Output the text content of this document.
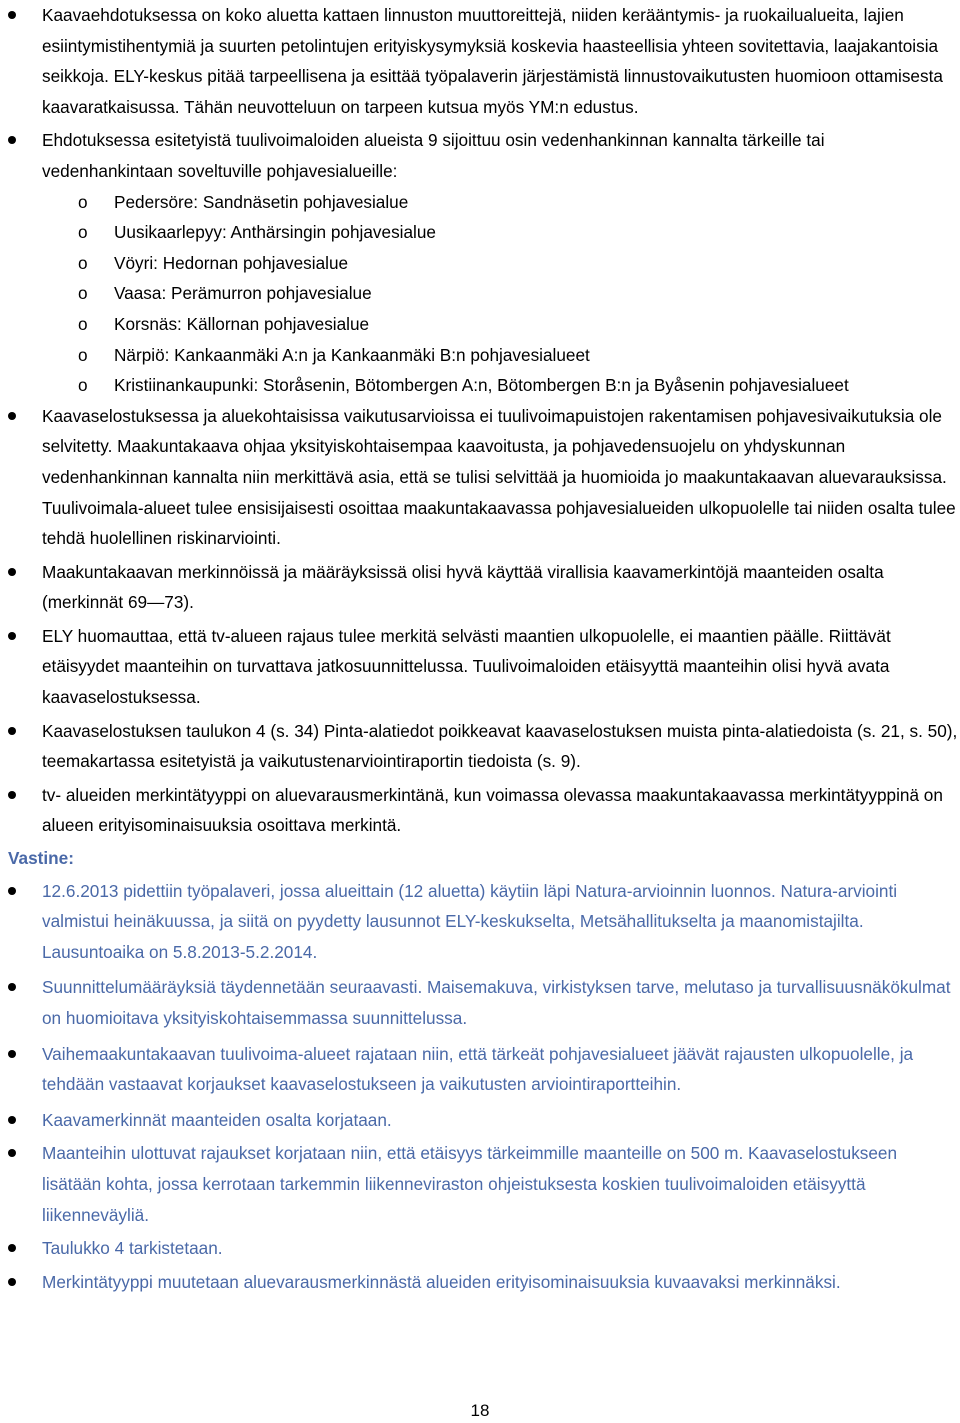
Kaavaehdotuksessa on koko aluetta kattaen linnuston muuttoreittejä, niiden kerääntymis- ja ruokailualueita, lajien esiintymistihentymiä ja suurten petolintujen erityiskysymyksiä koskevia haasteellisia yhteen sovitettavia, laajakantoisia seikkoja. ELY-keskus pitää tarpeellisena ja esittää työpalaverin järjestämistä linnustovaikutusten huomioon ottamisesta kaavaratkaisussa. Tähän neuvotteluun on tarpeen kutsua myös YM:n edustus.
Ehdotuksessa esitetyistä tuulivoimaloiden alueista 9 sijoittuu osin vedenhankinnan kannalta tärkeille tai vedenhankintaan soveltuville pohjavesialueille:
o Pedersöre: Sandnäsetin pohjavesialue
o Uusikaarlepyy: Anthärsingin pohjavesialue
o Vöyri: Hedornan pohjavesialue
o Vaasa: Perämurron pohjavesialue
o Korsnäs: Källornan pohjavesialue
o Närpiö: Kankaanmäki A:n ja Kankaanmäki B:n pohjavesialueet
o Kristiinankaupunki: Storåsenin, Bötombergen A:n, Bötombergen B:n ja Byåsenin pohjavesialueet
Kaavaselostuksessa ja aluekohtaisissa vaikutusarvioissa ei tuulivoimapuistojen rakentamisen pohjavesivaikutuksia ole selvitetty. Maakuntakaava ohjaa yksityiskohtaisempaa kaavoitusta, ja pohjavedensuojelu on yhdyskunnan vedenhankinnan kannalta niin merkittävä asia, että se tulisi selvittää ja huomioida jo maakuntakaavan aluevarauksissa. Tuulivoimala-alueet tulee ensisijaisesti osoittaa maakuntakaavassa pohjavesialueiden ulkopuolelle tai niiden osalta tulee tehdä huolellinen riskinarviointi.
Maakuntakaavan merkinnöissä ja määräyksissä olisi hyvä käyttää virallisia kaavamerkintöjä maanteiden osalta (merkinnät 69—73).
ELY huomauttaa, että tv-alueen rajaus tulee merkitä selvästi maantien ulkopuolelle, ei maantien päälle. Riittävät etäisyydet maanteihin on turvattava jatkosuunnittelussa. Tuulivoimaloiden etäisyyttä maanteihin olisi hyvä avata kaavaselostuksessa.
Kaavaselostuksen taulukon 4 (s. 34) Pinta-alatiedot poikkeavat kaavaselostuksen muista pinta-alatiedoista (s. 21, s. 50), teemakartassa esitetyistä ja vaikutustenarviointiraportin tiedoista (s. 9).
tv- alueiden merkintätyyppi on aluevarausmerkintänä, kun voimassa olevassa maakuntakaavassa merkintätyyppinä on alueen erityisominaisuuksia osoittava merkintä.
Vastine:
12.6.2013 pidettiin työpalaveri, jossa alueittain (12 aluetta) käytiin läpi Natura-arvioinnin luonnos. Natura-arviointi valmistui heinäkuussa, ja siitä on pyydetty lausunnot ELY-keskukselta, Metsähallitukselta ja maanomistajilta. Lausuntoaika on 5.8.2013-5.2.2014.
Suunnittelumääräyksiä täydennetään seuraavasti. Maisemakuva, virkistyksen tarve, melutaso ja turvallisuusnäkökulmat on huomioitava yksityiskohtaisemmassa suunnittelussa.
Vaihemaakuntakaavan tuulivoima-alueet rajataan niin, että tärkeät pohjavesialueet jäävät rajausten ulkopuolelle, ja tehdään vastaavat korjaukset kaavaselostukseen ja vaikutusten arviointiraportteihin.
Kaavamerkinnät maanteiden osalta korjataan.
Maanteihin ulottuvat rajaukset korjataan niin, että etäisyys tärkeimmille maanteille on 500 m. Kaavaselostukseen lisätään kohta, jossa kerrotaan tarkemmin liikenneviraston ohjeistuksesta koskien tuulivoimaloiden etäisyyttä liikenneväyliä.
Taulukko 4 tarkistetaan.
Merkintätyyppi muutetaan aluevarausmerkinnästä alueiden erityisominaisuuksia kuvaavaksi merkinnäksi.
18
